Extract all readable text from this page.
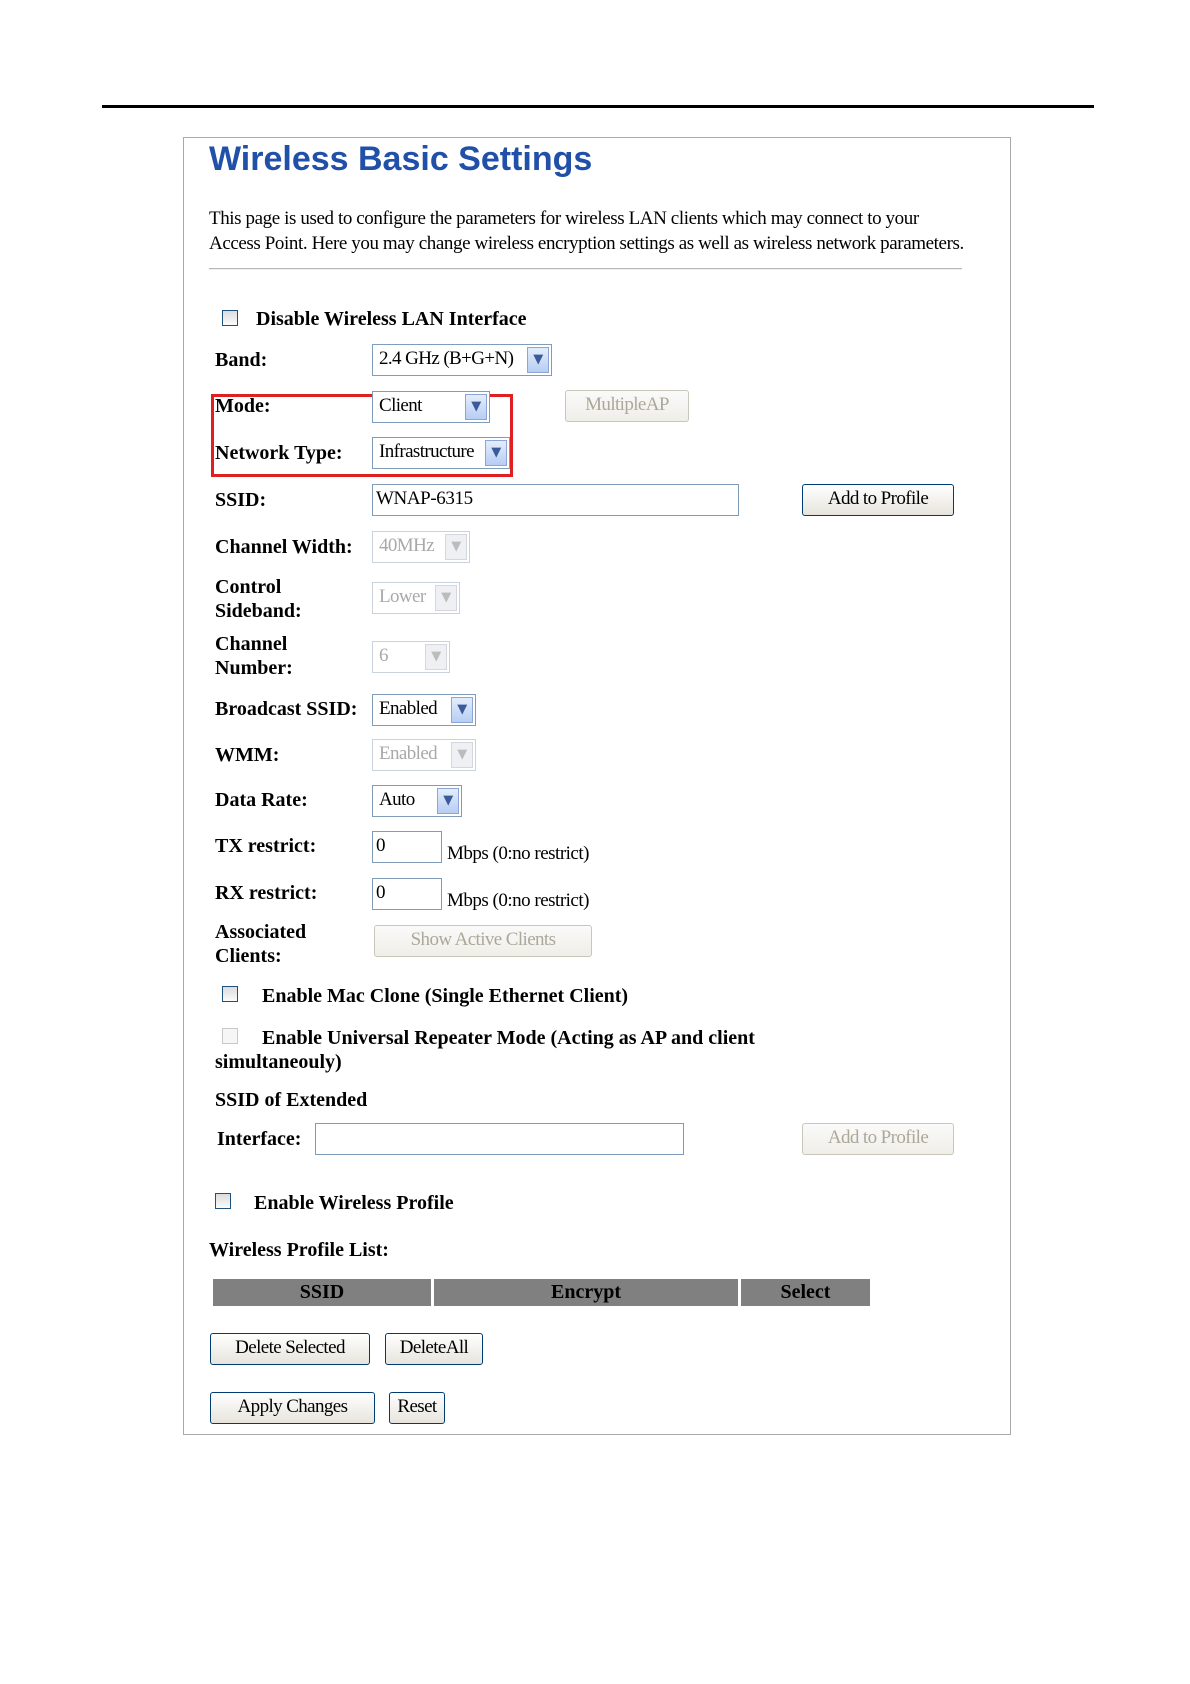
Wireless Basic Settings
This page is used to configure the parameters for wireless LAN clients which may connect to your Access Point. Here you may change wireless encryption settings as well as wireless network parameters.
Disable Wireless LAN Interface
Band:	2.4 GHz (B+G+N)	▼
Mode:	Client	▼	MultipleAP
Network Type:	Infrastructure	▼
SSID:	WNAP-6315	Add to Profile
Channel Width:	40MHz	▼
Control Sideband:
Lower	▼
Channel Number:
6	▼
Broadcast SSID:	Enabled	▼
WMM:	Enabled	▼
Data Rate:	Auto	▼
TX restrict:	0	Mbps (0:no restrict)
RX restrict:	0	Mbps (0:no restrict)
Associated Clients:
Show Active Clients
Enable Mac Clone (Single Ethernet Client)
Enable Universal Repeater Mode (Acting as AP and client simultaneouly)
SSID of Extended
Interface:	Add to Profile
Enable Wireless Profile
Wireless Profile List:
SSID	Encrypt	Select
Delete Selected	DeleteAll
Apply Changes	Reset
